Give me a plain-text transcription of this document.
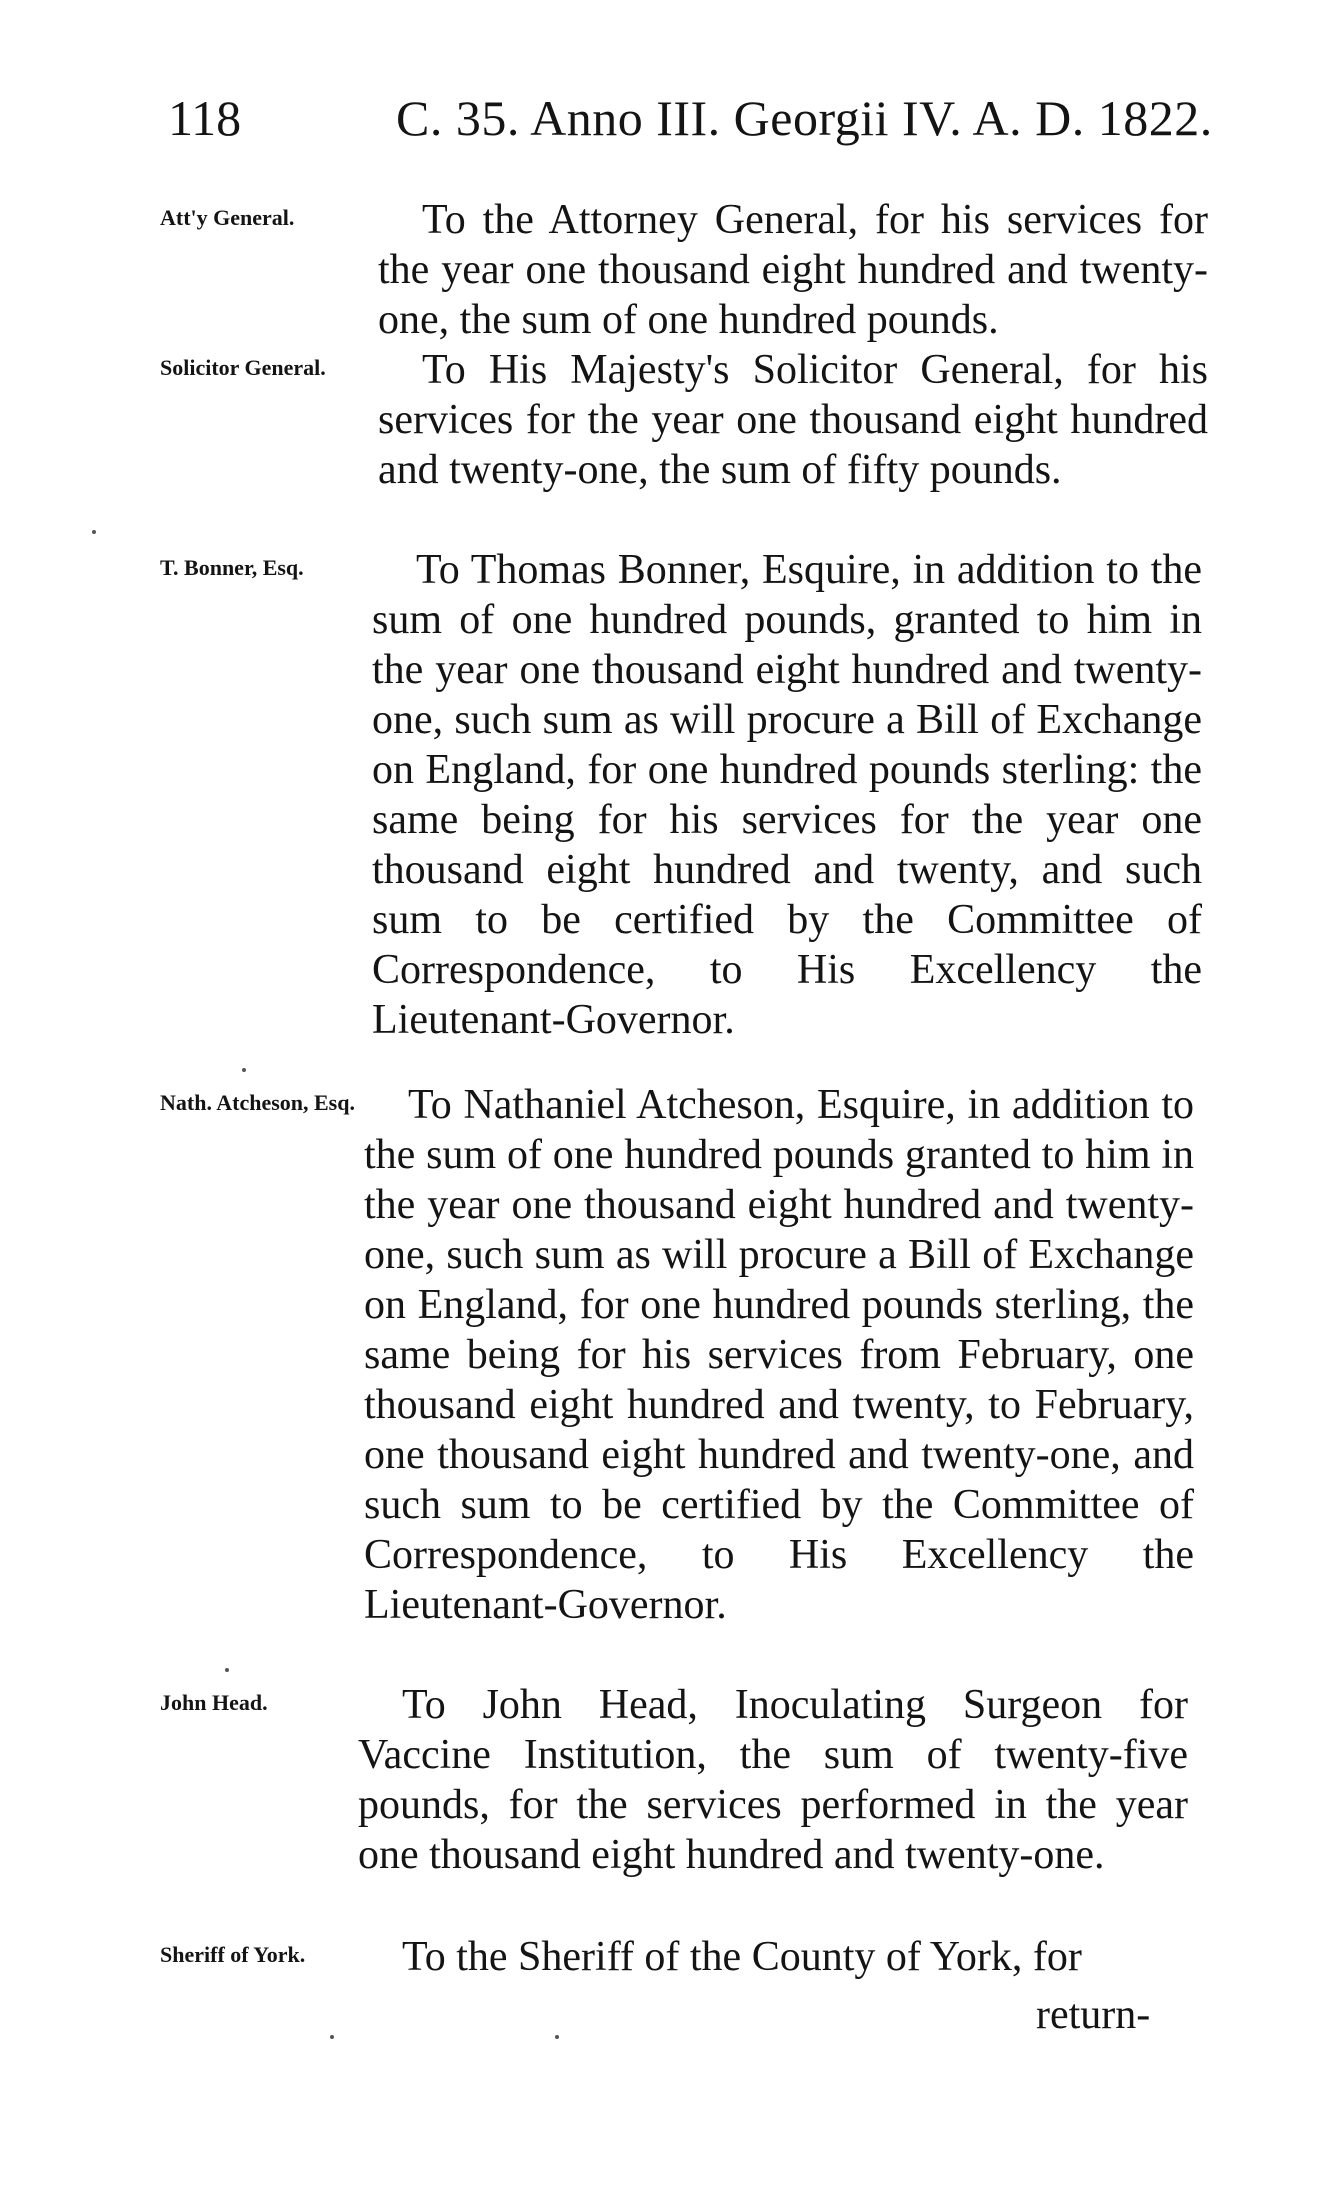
118	C. 35. Anno III. Georgii IV. A. D. 1822.
Att'y General.	To the Attorney General, for his services for the year one thousand eight hundred and twenty-one, the sum of one hundred pounds.
Solicitor General.	To His Majesty's Solicitor General, for his services for the year one thousand eight hundred and twenty-one, the sum of fifty pounds.
T. Bonner, Esq.	To Thomas Bonner, Esquire, in addition to the sum of one hundred pounds, granted to him in the year one thousand eight hundred and twenty-one, such sum as will procure a Bill of Exchange on England, for one hundred pounds sterling: the same being for his services for the year one thousand eight hundred and twenty, and such sum to be certified by the Committee of Correspondence, to His Excellency the Lieutenant-Governor.
Nath. Atcheson, Esq.	To Nathaniel Atcheson, Esquire, in addition to the sum of one hundred pounds granted to him in the year one thousand eight hundred and twenty-one, such sum as will procure a Bill of Exchange on England, for one hundred pounds sterling, the same being for his services from February, one thousand eight hundred and twenty, to February, one thousand eight hundred and twenty-one, and such sum to be certified by the Committee of Correspondence, to His Excellency the Lieutenant-Governor.
John Head.	To John Head, Inoculating Surgeon for Vaccine Institution, the sum of twenty-five pounds, for the services performed in the year one thousand eight hundred and twenty-one.
Sheriff of York.	To the Sheriff of the County of York, for
return-
